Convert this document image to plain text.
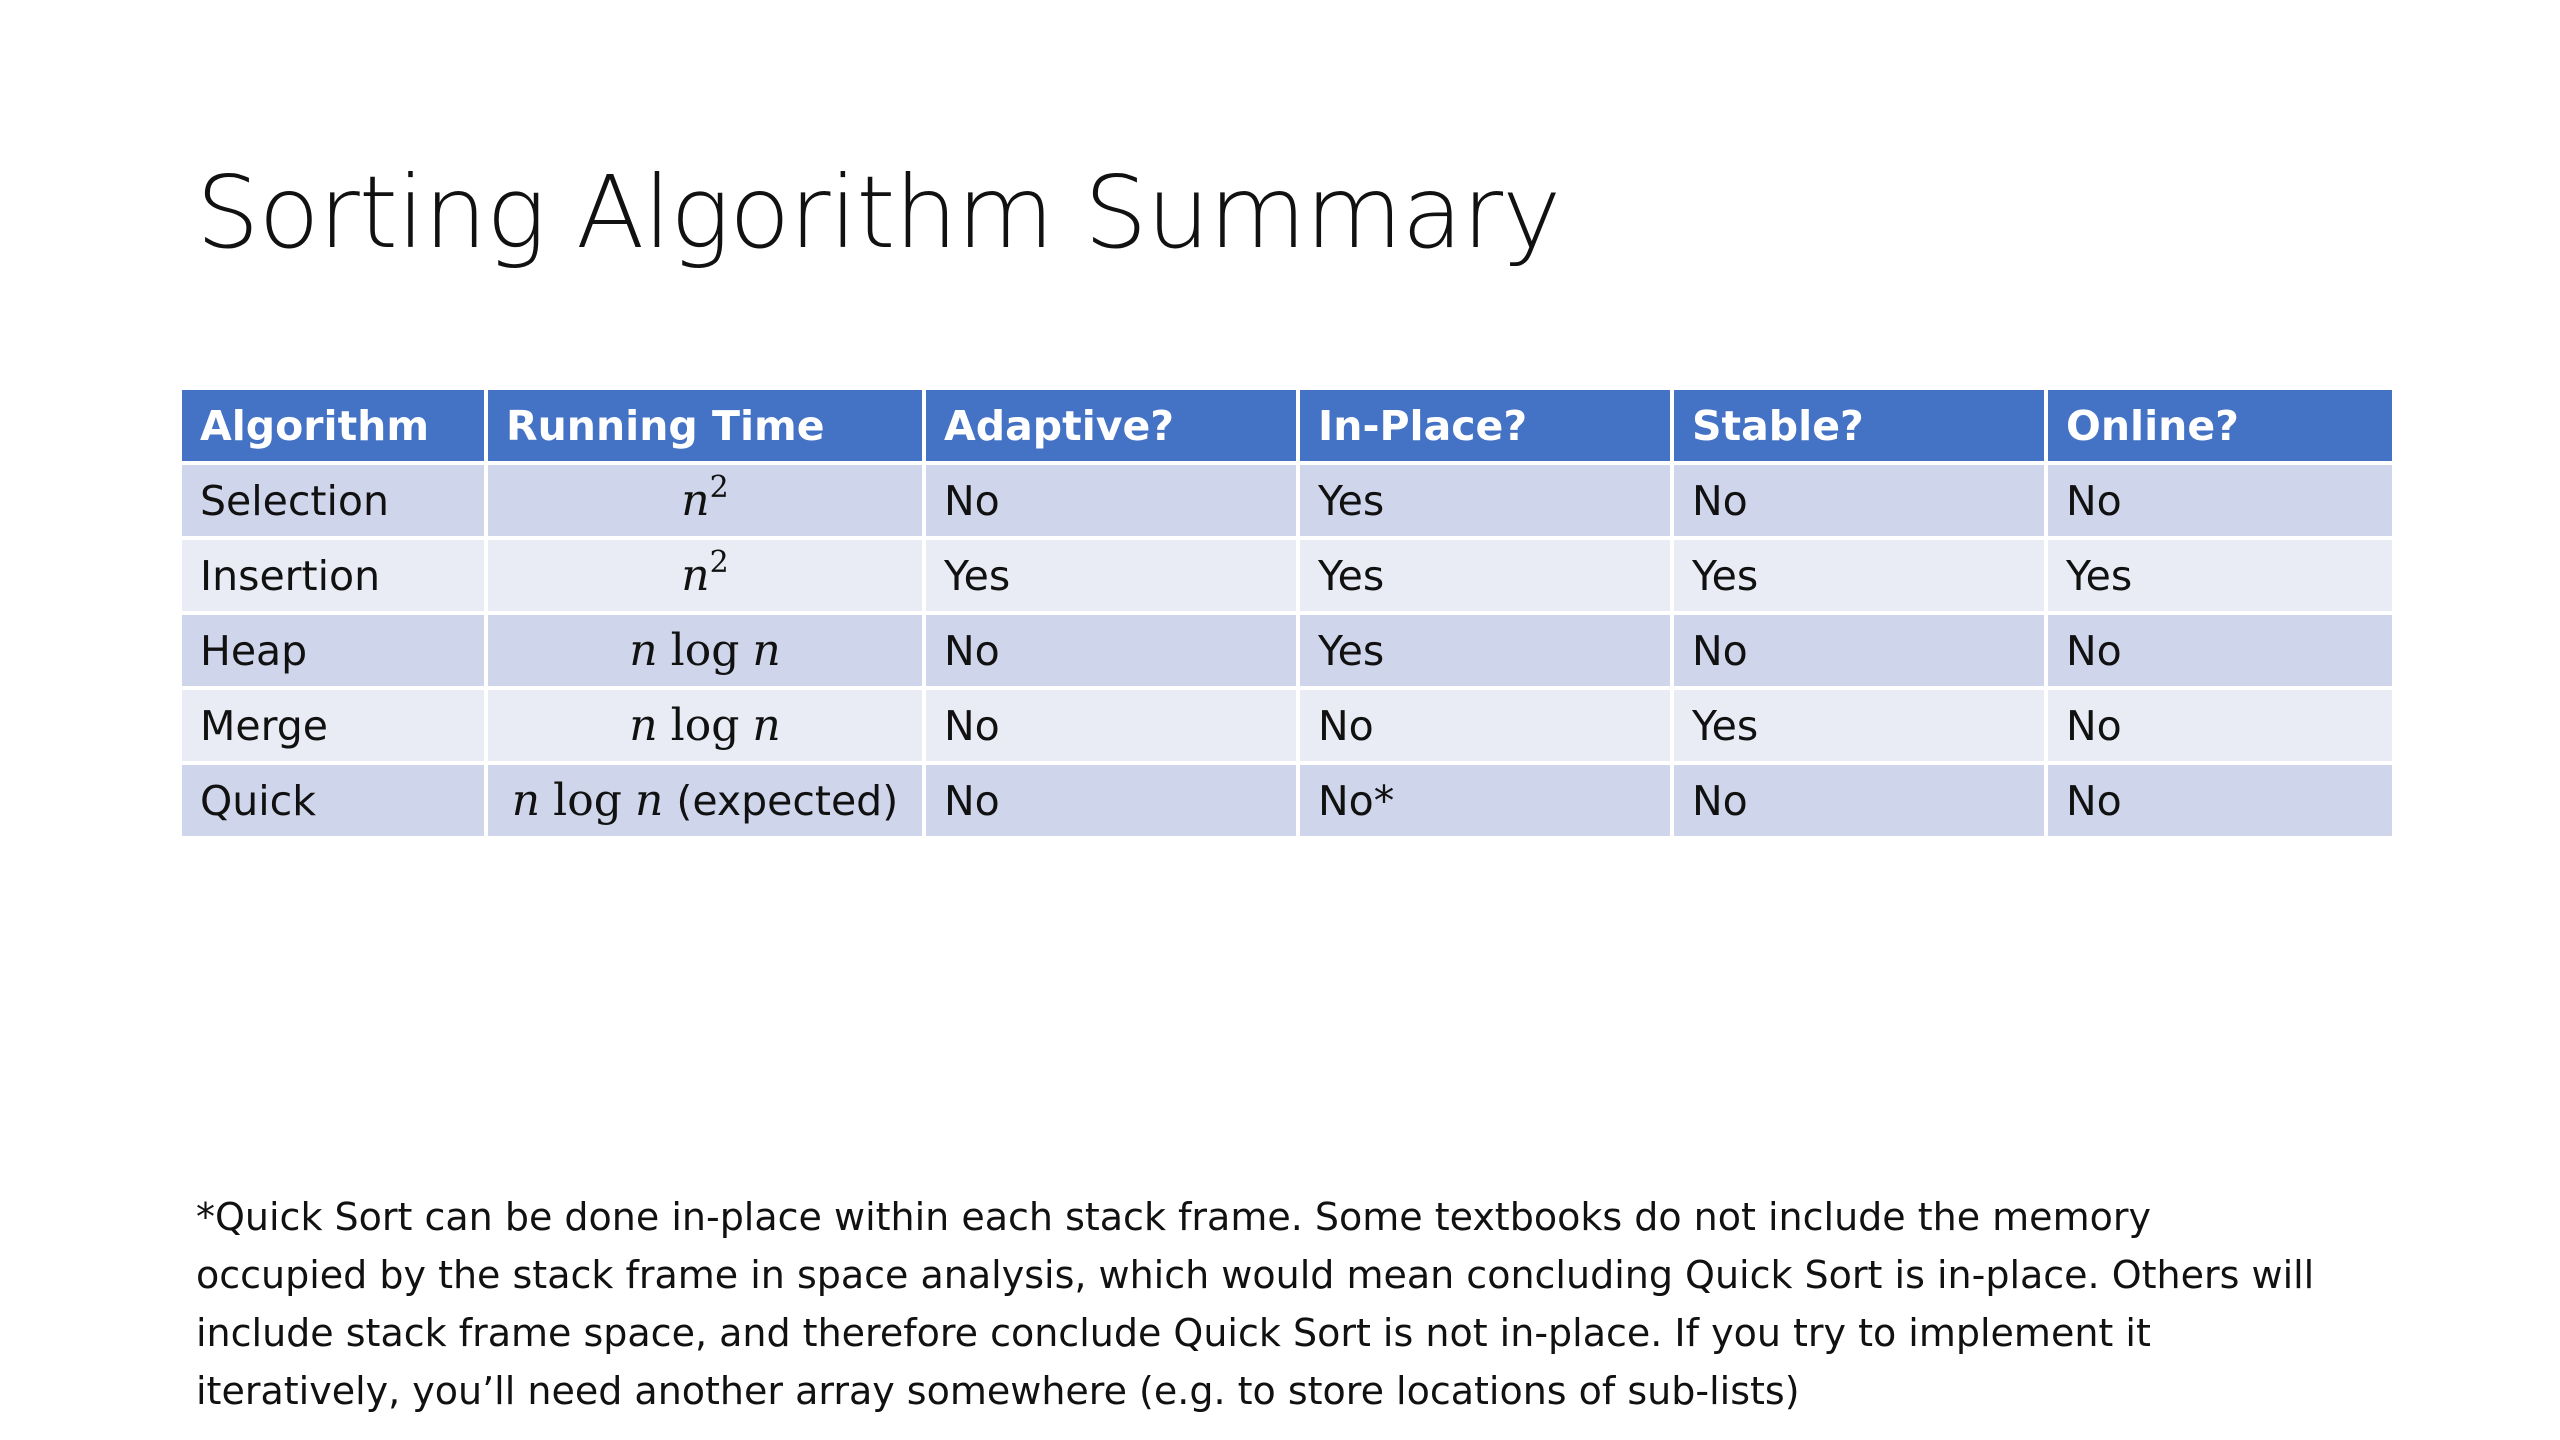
Sorting Algorithm Summary
Algorithm	Running Time	Adaptive?	In-Place?	Stable?	Online?
Selection	$n^2$	No	Yes	No	No
Insertion	$n^2$	Yes	Yes	Yes	Yes
Heap	n log n	No	Yes	No	No
Merge	n log n	No	No	Yes	No
Quick	n log n (expected)	No	No*	No	No

*Quick Sort can be done in-place within each stack frame. Some textbooks do not include the memory
occupied by the stack frame in space analysis, which would mean concluding Quick Sort is in-place. Others will
include stack frame space, and therefore conclude Quick Sort is not in-place. If you try to implement it
iteratively, you’ll need another array somewhere (e.g. to store locations of sub-lists)
